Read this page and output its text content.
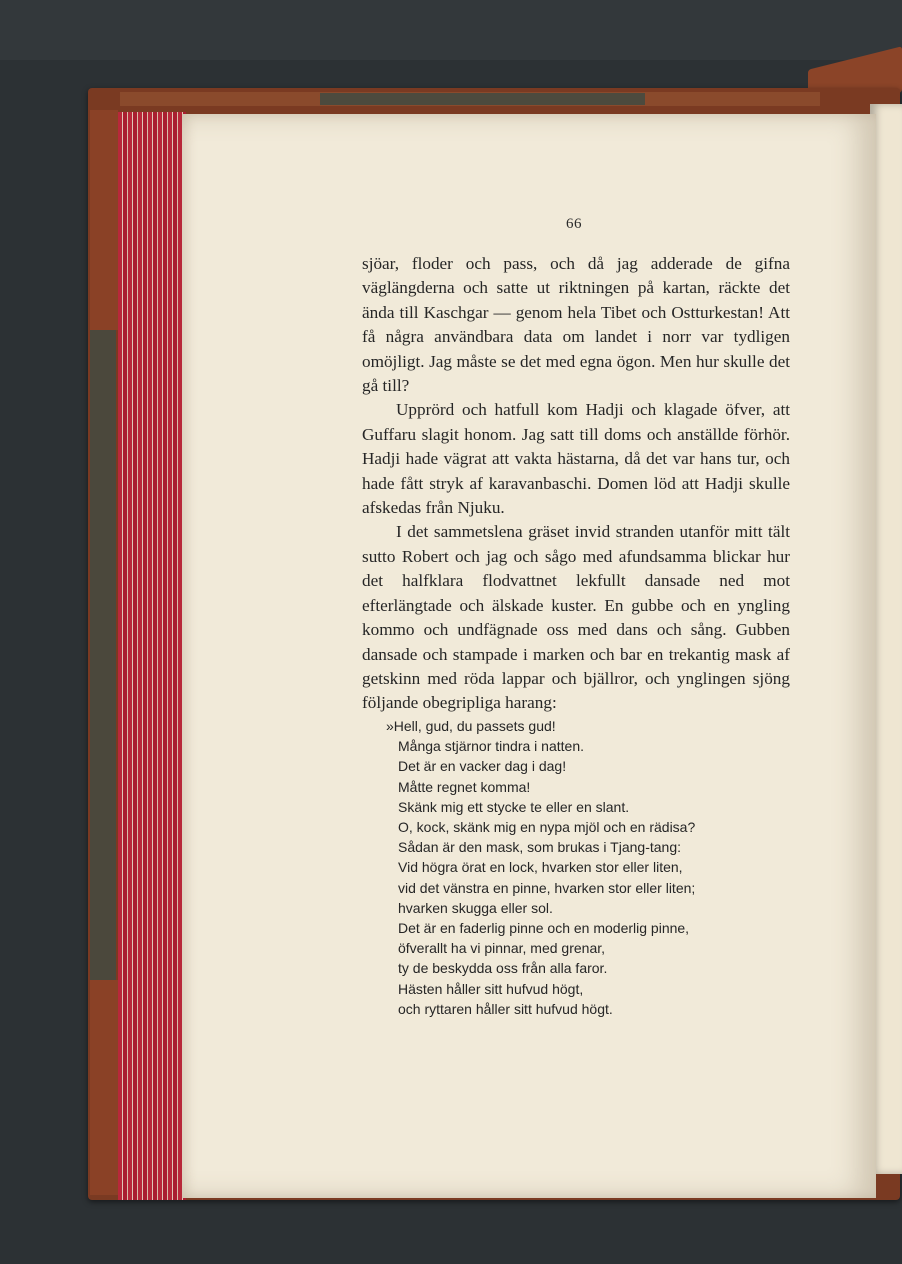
66

sjöar, floder och pass, och då jag adderade de gifna väglängderna och satte ut riktningen på kartan, räckte det ända till Kaschgar — genom hela Tibet och Ostturkestan! Att få några användbara data om landet i norr var tydligen omöjligt. Jag måste se det med egna ögon. Men hur skulle det gå till?

Upprörd och hatfull kom Hadji och klagade öfver, att Guffaru slagit honom. Jag satt till doms och anställde förhör. Hadji hade vägrat att vakta hästarna, då det var hans tur, och hade fått stryk af karavanbaschi. Domen löd att Hadji skulle afskedas från Njuku.

I det sammetslena gräset invid stranden utanför mitt tält sutto Robert och jag och sågo med afundsamma blickar hur det halfklara flodvattnet lekfullt dansade ned mot efterlängtade och älskade kuster. En gubbe och en yngling kommo och undfägnade oss med dans och sång. Gubben dansade och stampade i marken och bar en trekantig mask af getskinn med röda lappar och bjällror, och ynglingen sjöng följande obegripliga harang:

»Hell, gud, du passets gud!
Många stjärnor tindra i natten.
Det är en vacker dag i dag!
Måtte regnet komma!
Skänk mig ett stycke te eller en slant.
O, kock, skänk mig en nypa mjöl och en rädisa?
Sådan är den mask, som brukas i Tjang-tang:
Vid högra örat en lock, hvarken stor eller liten,
vid det vänstra en pinne, hvarken stor eller liten;
hvarken skugga eller sol.
Det är en faderlig pinne och en moderlig pinne,
öfverallt ha vi pinnar, med grenar,
ty de beskydda oss från alla faror.
Hästen håller sitt hufvud högt,
och ryttaren håller sitt hufvud högt.
